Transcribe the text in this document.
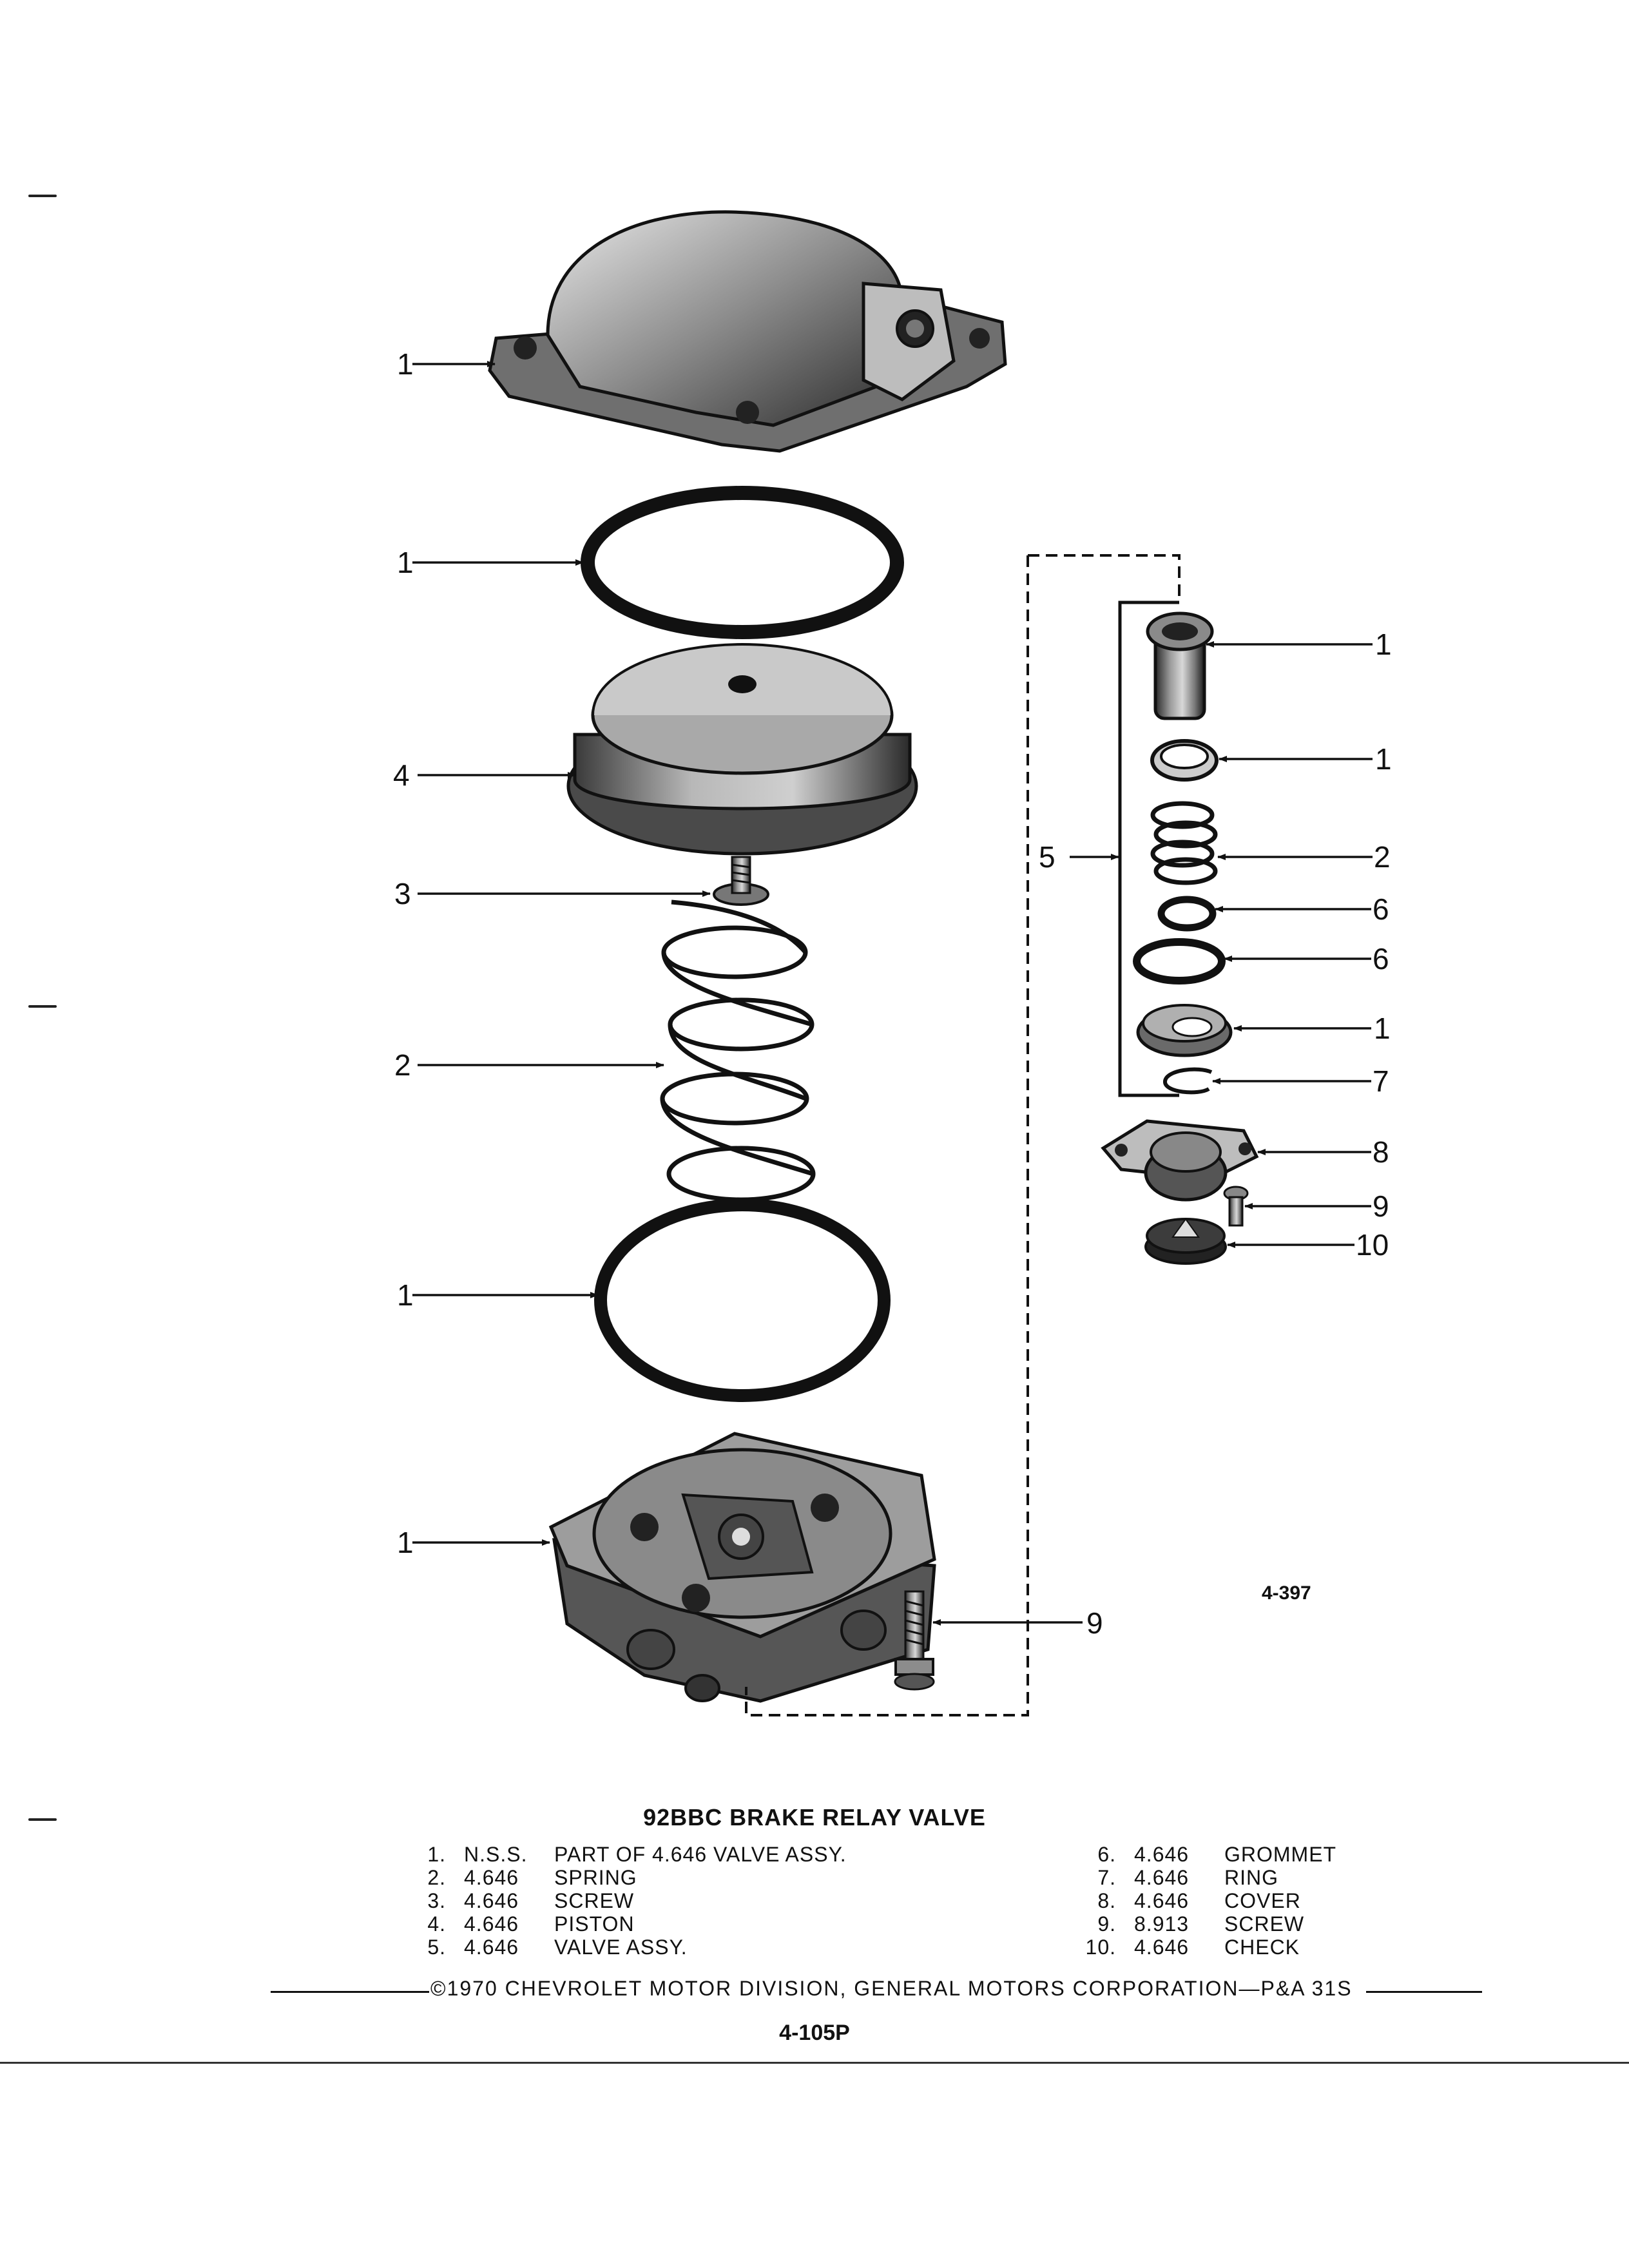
1
1
4
3
2
1
1
9
1
1
5	2
6
6
1
7
8
9
10
4-397
92BBC BRAKE RELAY VALVE
1. N.S.S. PART OF 4.646 VALVE ASSY.
2. 4.646 SPRING
3. 4.646 SCREW
4. 4.646 PISTON
5. 4.646 VALVE ASSY.
6. 4.646 GROMMET
7. 4.646 RING
8. 4.646 COVER
9. 8.913 SCREW
10. 4.646 CHECK
©1970 CHEVROLET MOTOR DIVISION, GENERAL MOTORS CORPORATION—P&A 31S
4-105P
